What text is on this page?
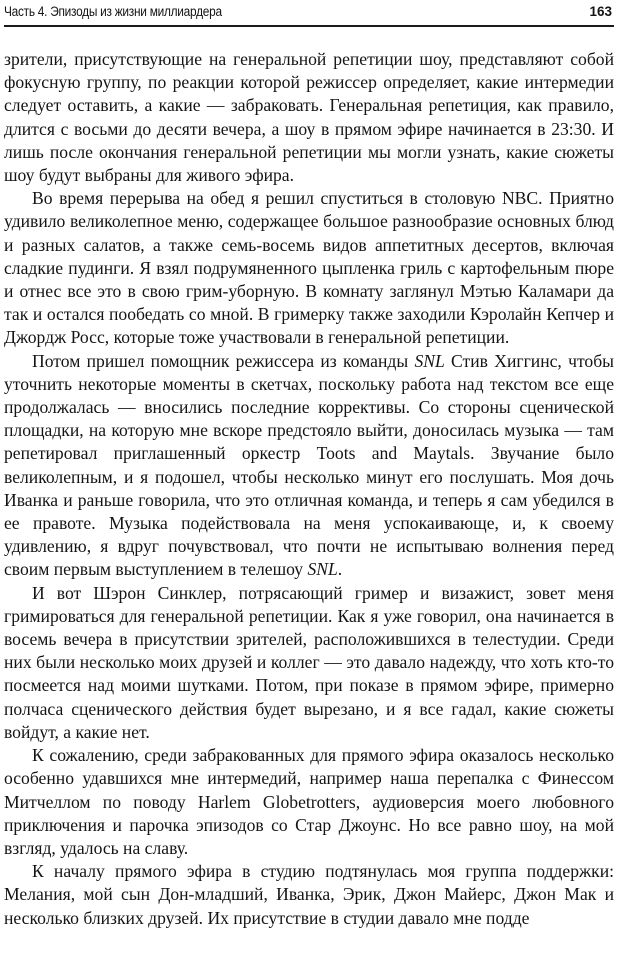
Часть 4. Эпизоды из жизни миллиардера	163

зрители, присутствующие на генеральной репетиции шоу, представляют собой фокусную группу, по реакции которой режиссер определяет, какие интермедии следует оставить, а какие — забраковать. Генеральная репетиция, как правило, длится с восьми до десяти вечера, а шоу в прямом эфире начинается в 23:30. И лишь после окончания генеральной репетиции мы могли узнать, какие сюжеты шоу будут выбраны для живого эфира.

Во время перерыва на обед я решил спуститься в столовую NBC. Приятно удивило великолепное меню, содержащее большое разнообразие основных блюд и разных салатов, а также семь-восемь видов аппетитных десертов, включая сладкие пудинги. Я взял подрумяненного цыпленка гриль с картофельным пюре и отнес все это в свою грим-уборную. В комнату заглянул Мэтью Каламари да так и остался пообедать со мной. В гримерку также заходили Кэролайн Кепчер и Джордж Росс, которые тоже участвовали в генеральной репетиции.

Потом пришел помощник режиссера из команды SNL Стив Хиггинс, чтобы уточнить некоторые моменты в скетчах, поскольку работа над текстом все еще продолжалась — вносились последние коррективы. Со стороны сценической площадки, на которую мне вскоре предстояло выйти, доносилась музыка — там репетировал приглашенный оркестр Toots and Maytals. Звучание было великолепным, и я подошел, чтобы несколько минут его послушать. Моя дочь Иванка и раньше говорила, что это отличная команда, и теперь я сам убедился в ее правоте. Музыка подействовала на меня успокаивающе, и, к своему удивлению, я вдруг почувствовал, что почти не испытываю волнения перед своим первым выступлением в телешоу SNL.

И вот Шэрон Синклер, потрясающий гример и визажист, зовет меня гримироваться для генеральной репетиции. Как я уже говорил, она начинается в восемь вечера в присутствии зрителей, расположившихся в телестудии. Среди них были несколько моих друзей и коллег — это давало надежду, что хоть кто-то посмеется над моими шутками. Потом, при показе в прямом эфире, примерно полчаса сценического действия будет вырезано, и я все гадал, какие сюжеты войдут, а какие нет.

К сожалению, среди забракованных для прямого эфира оказалось несколько особенно удавшихся мне интермедий, например наша перепалка с Финессом Митчеллом по поводу Harlem Globetrotters, аудиоверсия моего любовного приключения и парочка эпизодов со Стар Джоунс. Но все равно шоу, на мой взгляд, удалось на славу.

К началу прямого эфира в студию подтянулась моя группа поддержки: Мелания, мой сын Дон-младший, Иванка, Эрик, Джон Майерс, Джон Мак и несколько близких друзей. Их присутствие в студии давало мне подде
